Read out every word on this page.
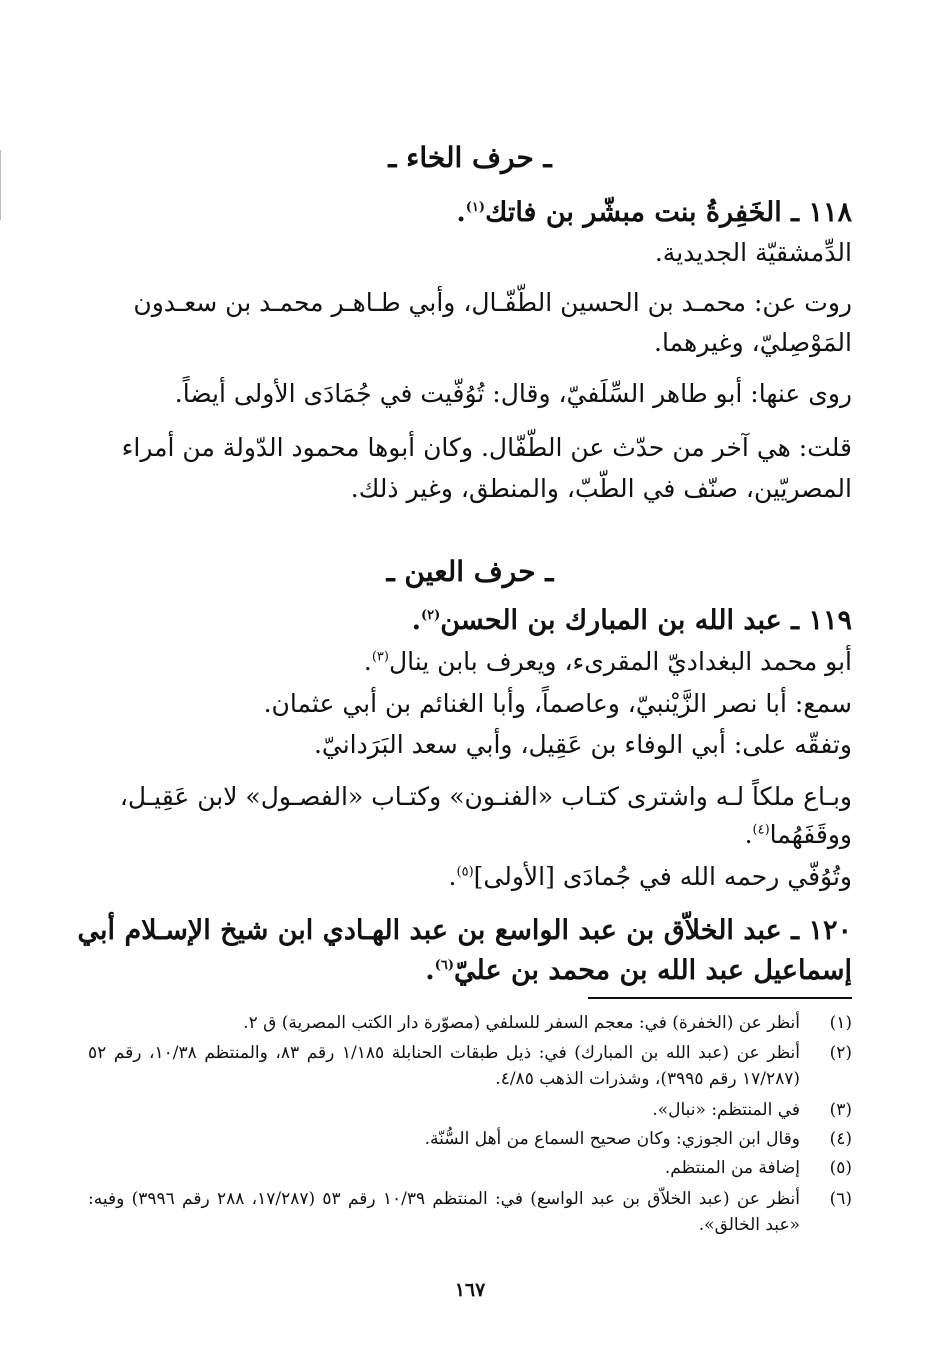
ـ حرف الخاء ـ
١١٨ ـ الخَفِرةُ بنت مبشّر بن فاتك$^{(١)}$.
الدِّمشقيّة الجديدية.
روت عن: محمـد بن الحسين الطّفّـال، وأبي طـاهـر محمـد بن سعـدون
المَوْصِليّ، وغيرهما.
روى عنها: أبو طاهر السِّلَفيّ، وقال: تُوُفّيت في جُمَادَى الأولى أيضاً.
قلت: هي آخر من حدّث عن الطّفّال. وكان أبوها محمود الدّولة من أمراء
المصريّين، صنّف في الطّبّ، والمنطق، وغير ذلك.
ـ حرف العين ـ
١١٩ ـ عبد الله بن المبارك بن الحسن$^{(٢)}$.
أبو محمد البغداديّ المقرىء، ويعرف بابن ينال$^{(٣)}$.
سمع: أبا نصر الزَّيْنبيّ، وعاصماً، وأبا الغنائم بن أبي عثمان.
وتفقّه على: أبي الوفاء بن عَقِيل، وأبي سعد البَرَدانيّ.
وبـاع ملكاً لـه واشترى كتـاب «الفنـون» وكتـاب «الفصـول» لابن عَقِيـل،
ووقَفَهُما$^{(٤)}$.
وتُوُفّي رحمه الله في جُمادَى [الأولى]$^{(٥)}$.
١٢٠ ـ عبد الخلاّق بن عبد الواسع بن عبد الهـادي ابن شيخ الإسـلام أبي
إسماعيل عبد الله بن محمد بن عليّ$^{(٦)}$.
(١)
أنظر عن (الخفرة) في: معجم السفر للسلفي (مصوّرة دار الكتب المصرية) ق ٢.
(٢)
أنظر عن (عبد الله بن المبارك) في: ذيل طبقات الحنابلة ١/١٨٥ رقم ٨٣، والمنتظم ١٠/٣٨، رقم ٥٢ (١٧/٢٨٧ رقم ٣٩٩٥)، وشذرات الذهب ٤/٨٥.
(٣)
في المنتظم: «نبال».
(٤)
وقال ابن الجوزي: وكان صحيح السماع من أهل السُّنّة.
(٥)
إضافة من المنتظم.
(٦)
أنظر عن (عبد الخلاّق بن عبد الواسع) في: المنتظم ١٠/٣٩ رقم ٥٣ (١٧/٢٨٧، ٢٨٨ رقم ٣٩٩٦) وفيه: «عبد الخالق».
١٦٧
